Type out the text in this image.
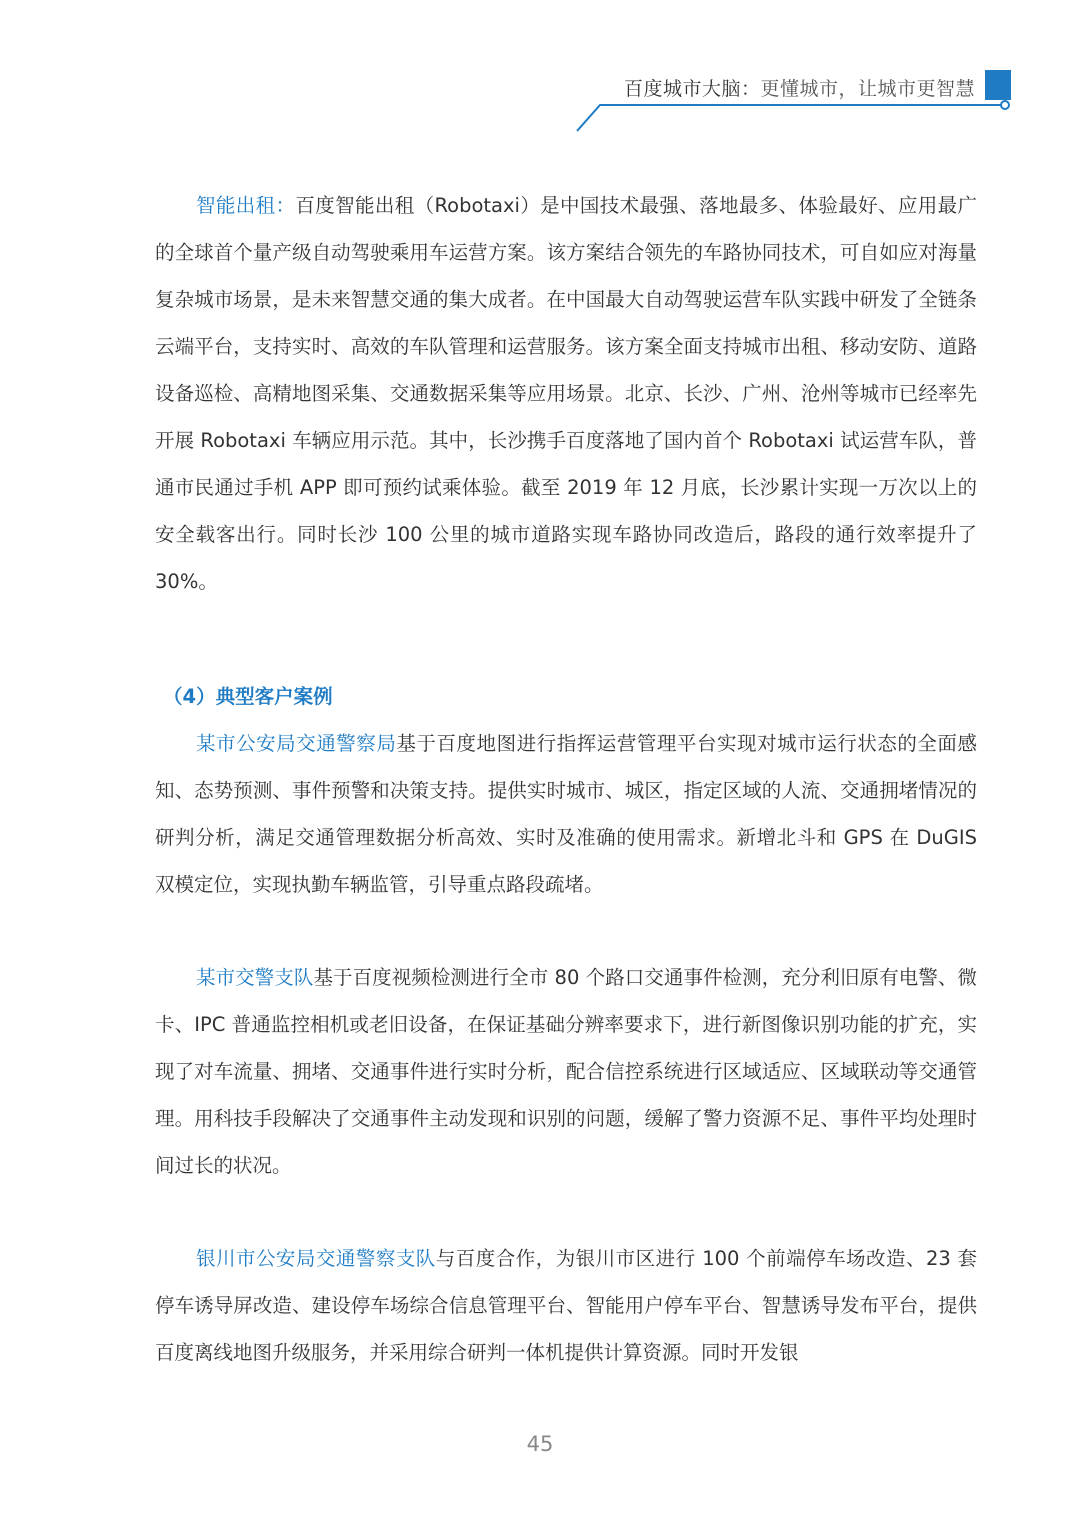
百度城市大脑：更懂城市，让城市更智慧

智能出租：百度智能出租（Robotaxi）是中国技术最强、落地最多、体验最好、应用最广的全球首个量产级自动驾驶乘用车运营方案。该方案结合领先的车路协同技术，可自如应对海量复杂城市场景，是未来智慧交通的集大成者。在中国最大自动驾驶运营车队实践中研发了全链条云端平台，支持实时、高效的车队管理和运营服务。该方案全面支持城市出租、移动安防、道路设备巡检、高精地图采集、交通数据采集等应用场景。北京、长沙、广州、沧州等城市已经率先开展 Robotaxi 车辆应用示范。其中，长沙携手百度落地了国内首个 Robotaxi 试运营车队，普通市民通过手机 APP 即可预约试乘体验。截至 2019 年 12 月底，长沙累计实现一万次以上的安全载客出行。同时长沙 100 公里的城市道路实现车路协同改造后，路段的通行效率提升了 30%。

（4）典型客户案例

某市公安局交通警察局基于百度地图进行指挥运营管理平台实现对城市运行状态的全面感知、态势预测、事件预警和决策支持。提供实时城市、城区，指定区域的人流、交通拥堵情况的研判分析，满足交通管理数据分析高效、实时及准确的使用需求。新增北斗和 GPS 在 DuGIS 双模定位，实现执勤车辆监管，引导重点路段疏堵。

某市交警支队基于百度视频检测进行全市 80 个路口交通事件检测，充分利旧原有电警、微卡、IPC 普通监控相机或老旧设备，在保证基础分辨率要求下，进行新图像识别功能的扩充，实现了对车流量、拥堵、交通事件进行实时分析，配合信控系统进行区域适应、区域联动等交通管理。用科技手段解决了交通事件主动发现和识别的问题，缓解了警力资源不足、事件平均处理时间过长的状况。

银川市公安局交通警察支队与百度合作，为银川市区进行 100 个前端停车场改造、23 套停车诱导屏改造、建设停车场综合信息管理平台、智能用户停车平台、智慧诱导发布平台，提供百度离线地图升级服务，并采用综合研判一体机提供计算资源。同时开发银

45
